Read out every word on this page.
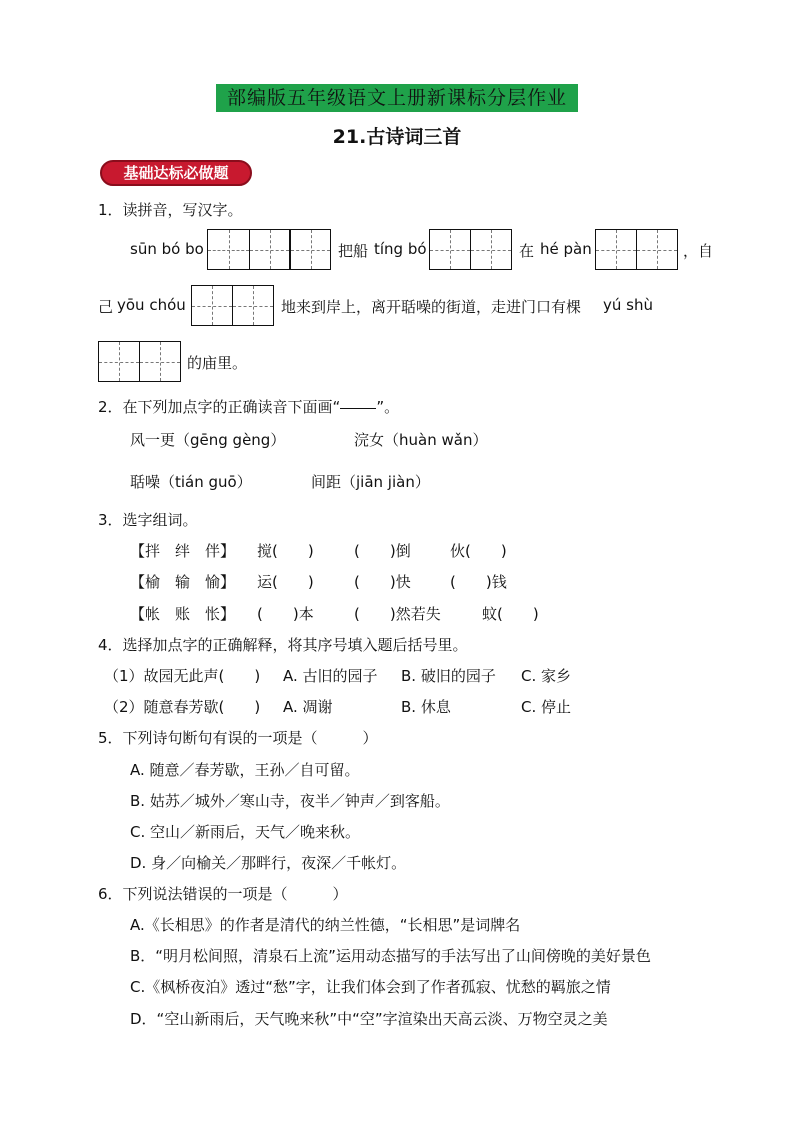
部编版五年级语文上册新课标分层作业
21.古诗词三首
基础达标必做题
1．读拼音，写汉字。
sūn bó bo	把船 tíng bó	在 hé pàn	，自
己 yōu chóu	地来到岸上，离开聒噪的街道，走进门口有棵 yú shù
的庙里。
2．在下列加点字的正确读音下面画“ ”。
风一更（gēng gèng）	浣女（huàn wǎn）
聒噪（tián guō）	间距（jiān jiàn）
3．选字组词。
【拌　绊　伴】 搅(　　)	(　　)倒	伙(　　)
【榆　输　愉】 运(　　)	(　　)快	(　　)钱
【帐　账　怅】 (　　)本	(　　)然若失	蚊(　　)
4．选择加点字的正确解释，将其序号填入题后括号里。
（1）故园无此声(　　) A. 古旧的园子 B. 破旧的园子 C. 家乡
（2）随意春芳歇(　　) A. 凋谢	B. 休息	C. 停止
5．下列诗句断句有误的一项是（　　　）
A. 随意／春芳歇，王孙／自可留。
B. 姑苏／城外／寒山寺，夜半／钟声／到客船。
C. 空山／新雨后，天气／晚来秋。
D. 身／向榆关／那畔行，夜深／千帐灯。
6．下列说法错误的一项是（　　　）
A.《长相思》的作者是清代的纳兰性德，“长相思”是词牌名
B．“明月松间照，清泉石上流”运用动态描写的手法写出了山间傍晚的美好景色
C.《枫桥夜泊》透过“愁”字，让我们体会到了作者孤寂、忧愁的羁旅之情
D．“空山新雨后，天气晚来秋”中“空”字渲染出天高云淡、万物空灵之美
